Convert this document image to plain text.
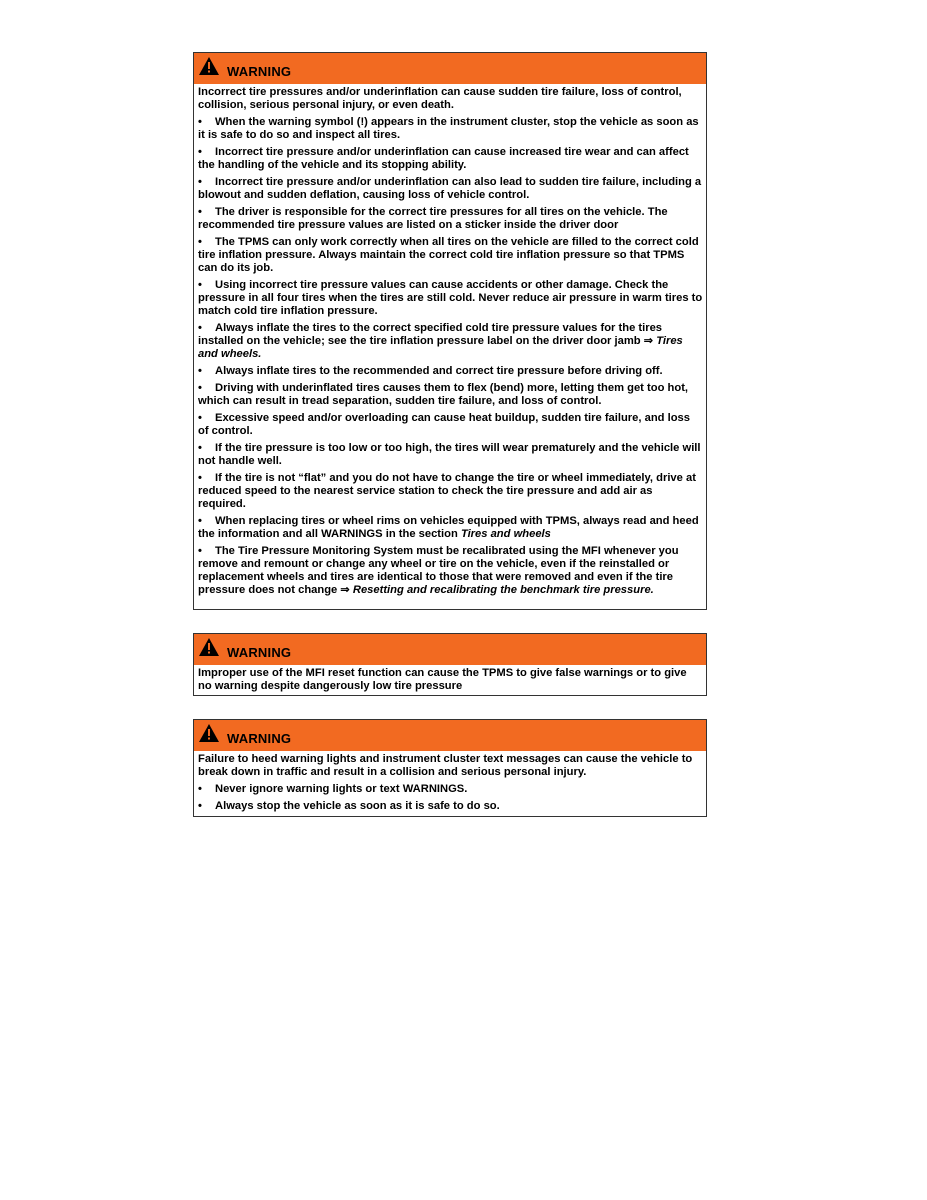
WARNING

Incorrect tire pressures and/or underinflation can cause sudden tire failure, loss of control, collision, serious personal injury, or even death.

• When the warning symbol (!) appears in the instrument cluster, stop the vehicle as soon as it is safe to do so and inspect all tires.
• Incorrect tire pressure and/or underinflation can cause increased tire wear and can affect the handling of the vehicle and its stopping ability.
• Incorrect tire pressure and/or underinflation can also lead to sudden tire failure, including a blowout and sudden deflation, causing loss of vehicle control.
• The driver is responsible for the correct tire pressures for all tires on the vehicle. The recommended tire pressure values are listed on a sticker inside the driver door
• The TPMS can only work correctly when all tires on the vehicle are filled to the correct cold tire inflation pressure. Always maintain the correct cold tire inflation pressure so that TPMS can do its job.
• Using incorrect tire pressure values can cause accidents or other damage. Check the pressure in all four tires when the tires are still cold. Never reduce air pressure in warm tires to match cold tire inflation pressure.
• Always inflate the tires to the correct specified cold tire pressure values for the tires installed on the vehicle; see the tire inflation pressure label on the driver door jamb ⇒ Tires and wheels.
• Always inflate tires to the recommended and correct tire pressure before driving off.
• Driving with underinflated tires causes them to flex (bend) more, letting them get too hot, which can result in tread separation, sudden tire failure, and loss of control.
• Excessive speed and/or overloading can cause heat buildup, sudden tire failure, and loss of control.
• If the tire pressure is too low or too high, the tires will wear prematurely and the vehicle will not handle well.
• If the tire is not “flat” and you do not have to change the tire or wheel immediately, drive at reduced speed to the nearest service station to check the tire pressure and add air as required.
• When replacing tires or wheel rims on vehicles equipped with TPMS, always read and heed the information and all WARNINGS in the section Tires and wheels
• The Tire Pressure Monitoring System must be recalibrated using the MFI whenever you remove and remount or change any wheel or tire on the vehicle, even if the reinstalled or replacement wheels and tires are identical to those that were removed and even if the tire pressure does not change ⇒ Resetting and recalibrating the benchmark tire pressure.
WARNING

Improper use of the MFI reset function can cause the TPMS to give false warnings or to give no warning despite dangerously low tire pressure

WARNING

Failure to heed warning lights and instrument cluster text messages can cause the vehicle to break down in traffic and result in a collision and serious personal injury.

• Never ignore warning lights or text WARNINGS.
• Always stop the vehicle as soon as it is safe to do so.
